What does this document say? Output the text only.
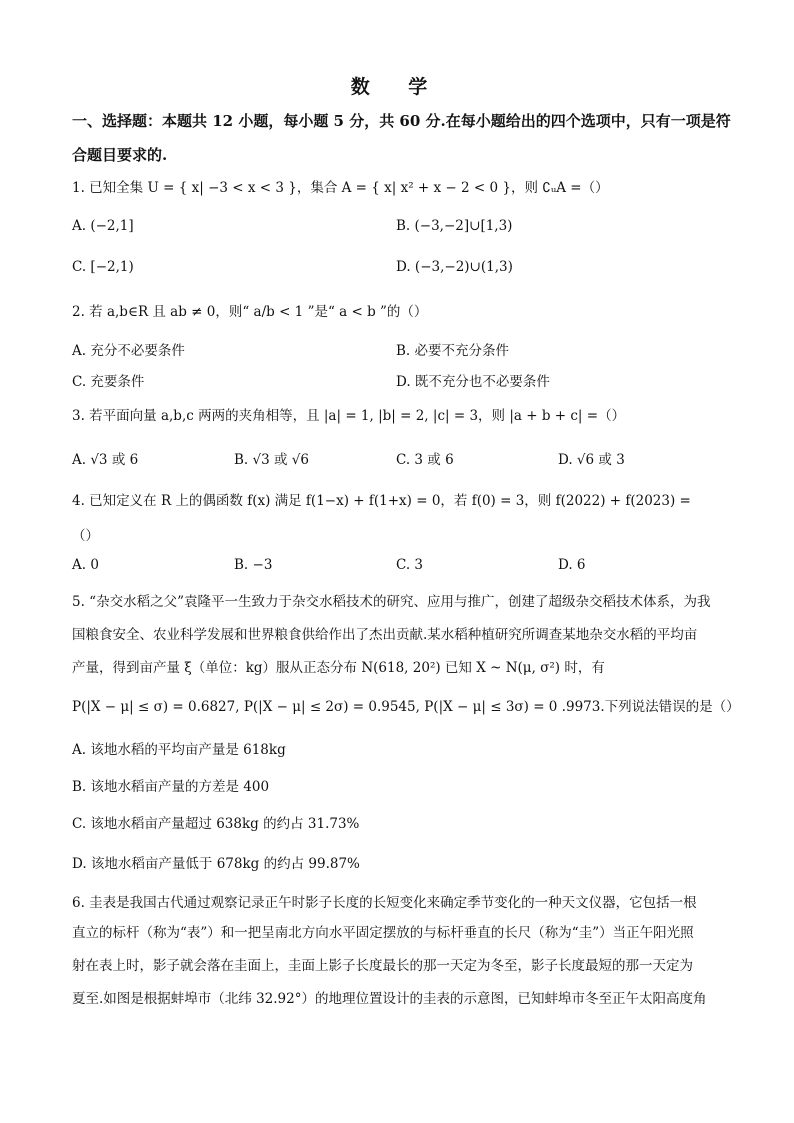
数 学
一、选择题：本题共 12 小题，每小题 5 分，共 60 分.在每小题给出的四个选项中，只有一项是符合题目要求的.
1. 已知全集 U = { x| −3 < x < 3 }，集合 A = { x| x² + x − 2 < 0 }，则 ∁ᵤA =（）
A. (−2,1]	B. (−3,−2]∪[1,3)
C. [−2,1)	D. (−3,−2)∪(1,3)
2. 若 a,b∈R 且 ab ≠ 0，则“ a/b < 1 ”是“ a < b ”的（）
A. 充分不必要条件	B. 必要不充分条件
C. 充要条件	D. 既不充分也不必要条件
3. 若平面向量 a,b,c 两两的夹角相等，且 |a| = 1, |b| = 2, |c| = 3，则 |a + b + c| =（）
A. √3 或 6	B. √3 或 √6	C. 3 或 6	D. √6 或 3
4. 已知定义在 R 上的偶函数 f(x) 满足 f(1−x) + f(1+x) = 0，若 f(0) = 3，则 f(2022) + f(2023) =
（）
A. 0	B. −3	C. 3	D. 6
5. “杂交水稻之父”袁隆平一生致力于杂交水稻技术的研究、应用与推广，创建了超级杂交稻技术体系，为我
国粮食安全、农业科学发展和世界粮食供给作出了杰出贡献.某水稻种植研究所调查某地杂交水稻的平均亩
产量，得到亩产量 ξ（单位：kg）服从正态分布 N(618, 20²) 已知 X ~ N(μ, σ²) 时，有
P(|X − μ| ≤ σ) = 0.6827, P(|X − μ| ≤ 2σ) = 0.9545, P(|X − μ| ≤ 3σ) = 0 .9973.下列说法错误的是（）
A. 该地水稻的平均亩产量是 618kg
B. 该地水稻亩产量的方差是 400
C. 该地水稻亩产量超过 638kg 的约占 31.73%
D. 该地水稻亩产量低于 678kg 的约占 99.87%
6. 圭表是我国古代通过观察记录正午时影子长度的长短变化来确定季节变化的一种天文仪器，它包括一根
直立的标杆（称为“表”）和一把呈南北方向水平固定摆放的与标杆垂直的长尺（称为“圭”）当正午阳光照
射在表上时，影子就会落在圭面上，圭面上影子长度最长的那一天定为冬至，影子长度最短的那一天定为
夏至.如图是根据蚌埠市（北纬 32.92°）的地理位置设计的圭表的示意图，已知蚌埠市冬至正午太阳高度角
